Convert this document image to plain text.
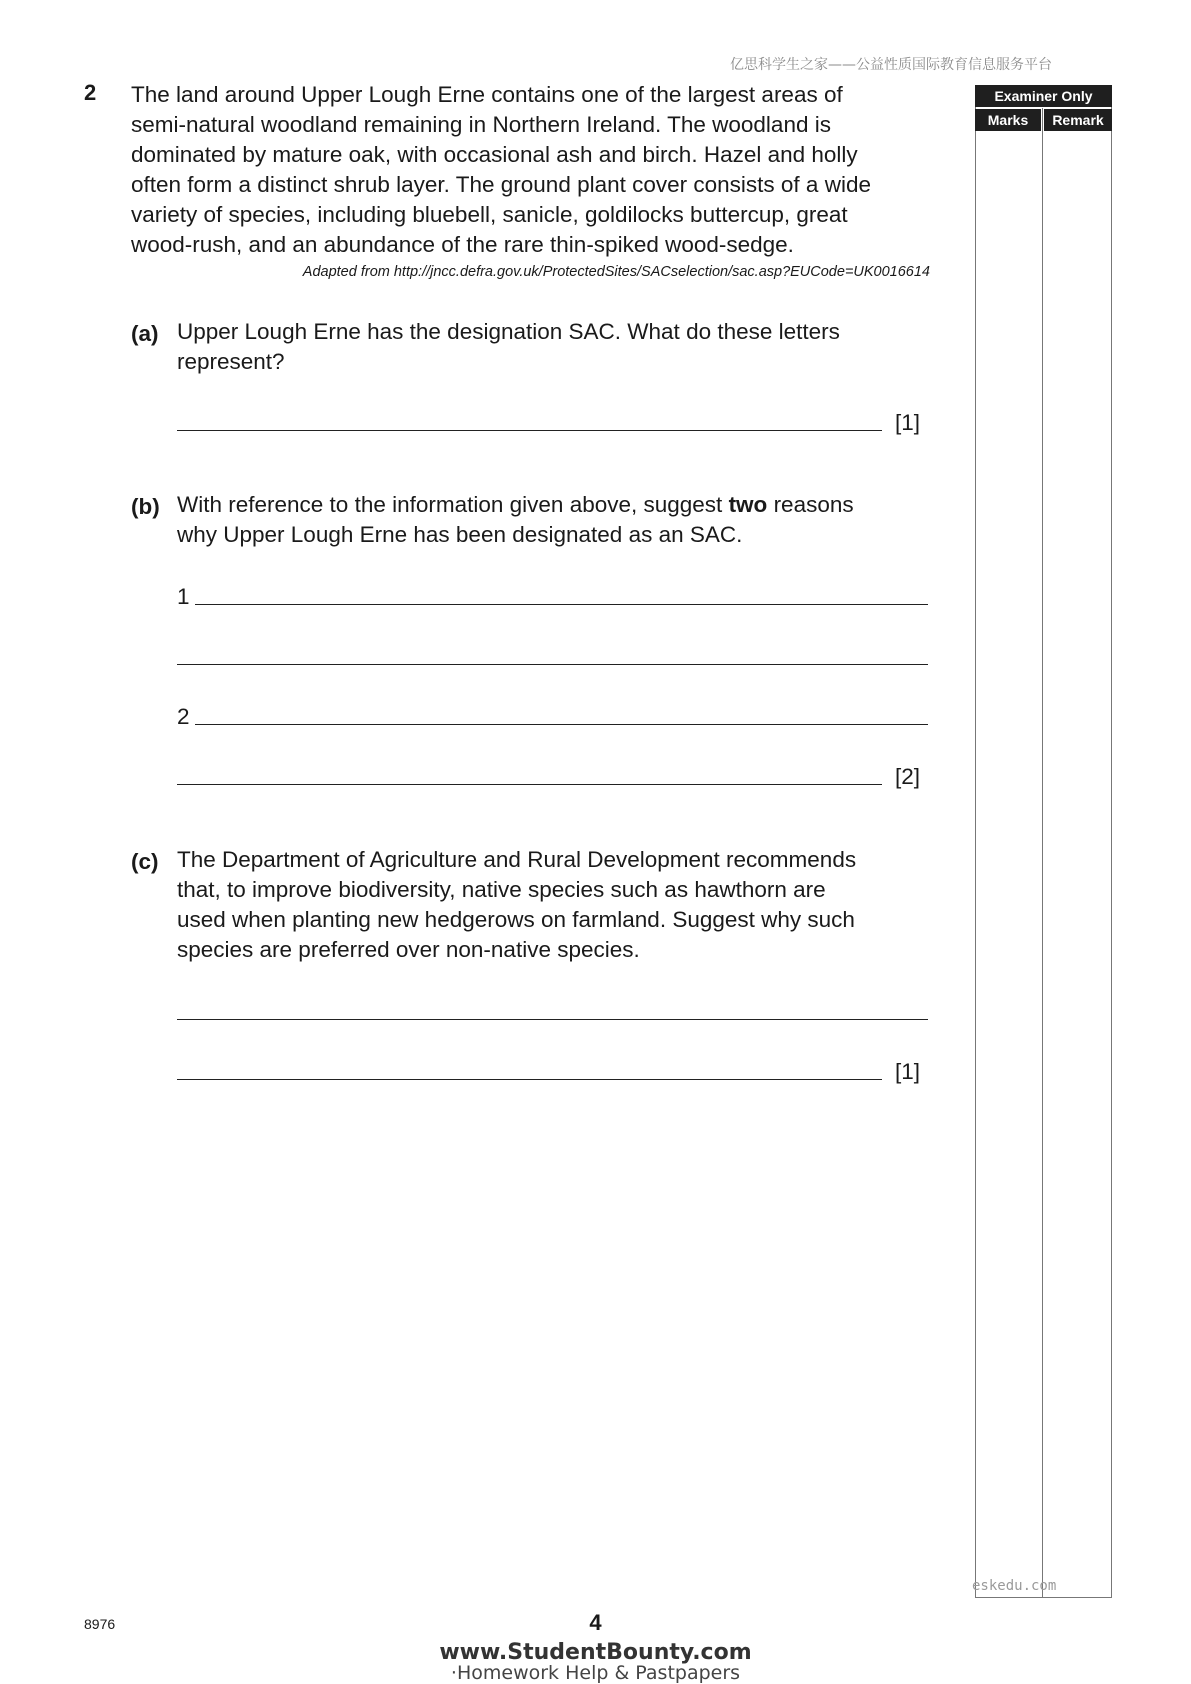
亿思科学生之家——公益性质国际教育信息服务平台
2 The land around Upper Lough Erne contains one of the largest areas of
semi-natural woodland remaining in Northern Ireland. The woodland is
dominated by mature oak, with occasional ash and birch. Hazel and holly
often form a distinct shrub layer. The ground plant cover consists of a wide
variety of species, including bluebell, sanicle, goldilocks buttercup, great
wood-rush, and an abundance of the rare thin-spiked wood-sedge.
Adapted from http://jncc.defra.gov.uk/ProtectedSites/SACselection/sac.asp?EUCode=UK0016614
(a) Upper Lough Erne has the designation SAC. What do these letters
represent?
[1]
(b) With reference to the information given above, suggest two reasons
why Upper Lough Erne has been designated as an SAC.
1
2
[2]
(c) The Department of Agriculture and Rural Development recommends
that, to improve biodiversity, native species such as hawthorn are
used when planting new hedgerows on farmland. Suggest why such
species are preferred over non-native species.
[1]
Examiner Only
Marks	Remark
eskedu.com
8976	4
www.StudentBounty.com
·Homework Help & Pastpapers
